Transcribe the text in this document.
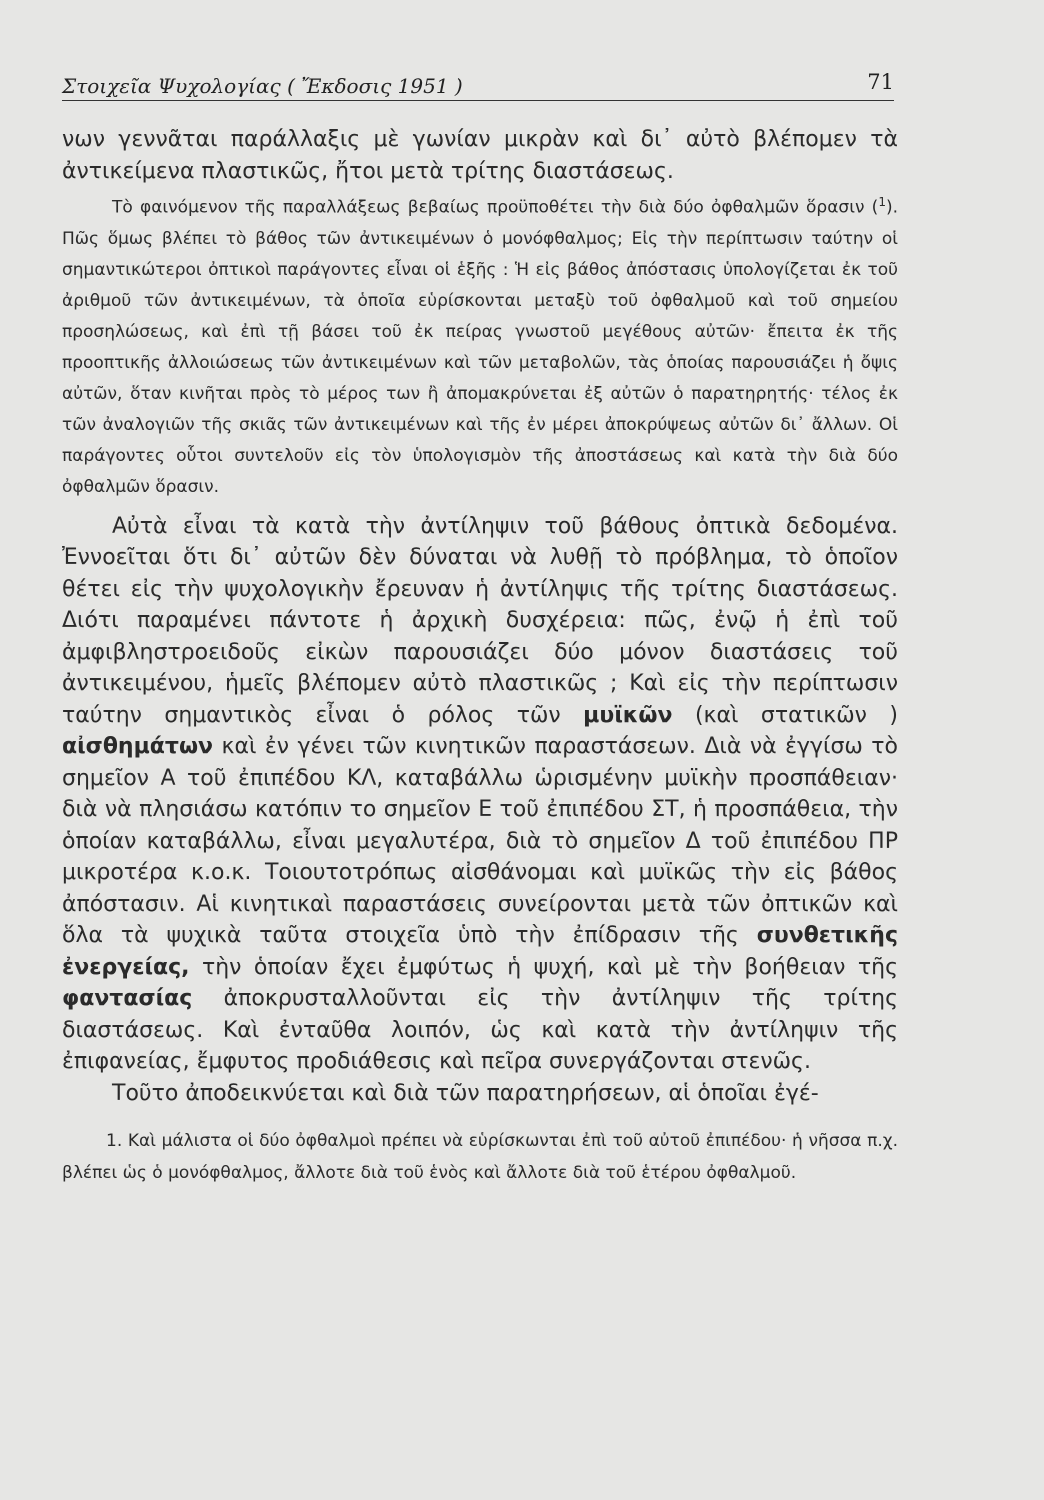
Στοιχεῖα Ψυχολογίας ( Ἔκδοσις 1951 )	71

νων γεννᾶται παράλλαξις μὲ γωνίαν μικρὰν καὶ δι᾽ αὐτὸ βλέπομεν τὰ ἀντικείμενα πλαστικῶς, ἤτοι μετὰ τρίτης διαστάσεως.

Τὸ φαινόμενον τῆς παραλλάξεως βεβαίως προϋποθέτει τὴν διὰ δύο ὀφθαλμῶν ὅρασιν ($^1$). Πῶς ὅμως βλέπει τὸ βάθος τῶν ἀντικειμένων ὁ μονόφθαλμος; Εἰς τὴν περίπτωσιν ταύτην οἱ σημαντικώτεροι ὀπτικοὶ παράγοντες εἶναι οἱ ἑξῆς : Ἡ εἰς βάθος ἀπόστασις ὑπολογίζεται ἐκ τοῦ ἀριθμοῦ τῶν ἀντικειμένων, τὰ ὁποῖα εὑρίσκονται μεταξὺ τοῦ ὀφθαλμοῦ καὶ τοῦ σημείου προσηλώσεως, καὶ ἐπὶ τῇ βάσει τοῦ ἐκ πείρας γνωστοῦ μεγέθους αὐτῶν· ἔπειτα ἐκ τῆς προοπτικῆς ἀλλοιώσεως τῶν ἀντικειμένων καὶ τῶν μεταβολῶν, τὰς ὁποίας παρουσιάζει ἡ ὄψις αὐτῶν, ὅταν κινῆται πρὸς τὸ μέρος των ἢ ἀπομακρύνεται ἐξ αὐτῶν ὁ παρατηρητής· τέλος ἐκ τῶν ἀναλογιῶν τῆς σκιᾶς τῶν ἀντικειμένων καὶ τῆς ἐν μέρει ἀποκρύψεως αὐτῶν δι᾽ ἄλλων. Οἱ παράγοντες οὗτοι συντελοῦν εἰς τὸν ὑπολογισμὸν τῆς ἀποστάσεως καὶ κατὰ τὴν διὰ δύο ὀφθαλμῶν ὅρασιν.

Αὐτὰ εἶναι τὰ κατὰ τὴν ἀντίληψιν τοῦ βάθους ὀπτικὰ δεδομένα. Ἐννοεῖται ὅτι δι᾽ αὐτῶν δὲν δύναται νὰ λυθῇ τὸ πρόβλημα, τὸ ὁποῖον θέτει εἰς τὴν ψυχολογικὴν ἔρευναν ἡ ἀντίληψις τῆς τρίτης διαστάσεως. Διότι παραμένει πάντοτε ἡ ἀρχικὴ δυσχέρεια: πῶς, ἐνῷ ἡ ἐπὶ τοῦ ἀμφιβληστροειδοῦς εἰκὼν παρουσιάζει δύο μόνον διαστάσεις τοῦ ἀντικειμένου, ἡμεῖς βλέπομεν αὐτὸ πλαστικῶς ; Καὶ εἰς τὴν περίπτωσιν ταύτην σημαντικὸς εἶναι ὁ ρόλος τῶν μυϊκῶν (καὶ στατικῶν ) αἰσθημάτων καὶ ἐν γένει τῶν κινητικῶν παραστάσεων. Διὰ νὰ ἐγγίσω τὸ σημεῖον Α τοῦ ἐπιπέδου ΚΛ, καταβάλλω ὡρισμένην μυϊκὴν προσπάθειαν· διὰ νὰ πλησιάσω κατόπιν το σημεῖον Ε τοῦ ἐπιπέδου ΣΤ, ἡ προσπάθεια, τὴν ὁποίαν καταβάλλω, εἶναι μεγαλυτέρα, διὰ τὸ σημεῖον Δ τοῦ ἐπιπέδου ΠΡ μικροτέρα κ.ο.κ. Τοιουτοτρόπως αἰσθάνομαι καὶ μυϊκῶς τὴν εἰς βάθος ἀπόστασιν. Αἱ κινητικαὶ παραστάσεις συνείρονται μετὰ τῶν ὀπτικῶν καὶ ὅλα τὰ ψυχικὰ ταῦτα στοιχεῖα ὑπὸ τὴν ἐπίδρασιν τῆς συνθετικῆς ἐνεργείας, τὴν ὁποίαν ἔχει ἐμφύτως ἡ ψυχή, καὶ μὲ τὴν βοήθειαν τῆς φαντασίας ἀποκρυσταλλοῦνται εἰς τὴν ἀντίληψιν τῆς τρίτης διαστάσεως. Καὶ ἐνταῦθα λοιπόν, ὡς καὶ κατὰ τὴν ἀντίληψιν τῆς ἐπιφανείας, ἔμφυτος προδιάθεσις καὶ πεῖρα συνεργάζονται στενῶς.

Τοῦτο ἀποδεικνύεται καὶ διὰ τῶν παρατηρήσεων, αἱ ὁποῖαι ἐγέ-

1. Καὶ μάλιστα οἱ δύο ὀφθαλμοὶ πρέπει νὰ εὑρίσκωνται ἐπὶ τοῦ αὐτοῦ ἐπιπέδου· ἡ νῆσσα π.χ. βλέπει ὡς ὁ μονόφθαλμος, ἄλλοτε διὰ τοῦ ἑνὸς καὶ ἄλλοτε διὰ τοῦ ἑτέρου ὀφθαλμοῦ.
